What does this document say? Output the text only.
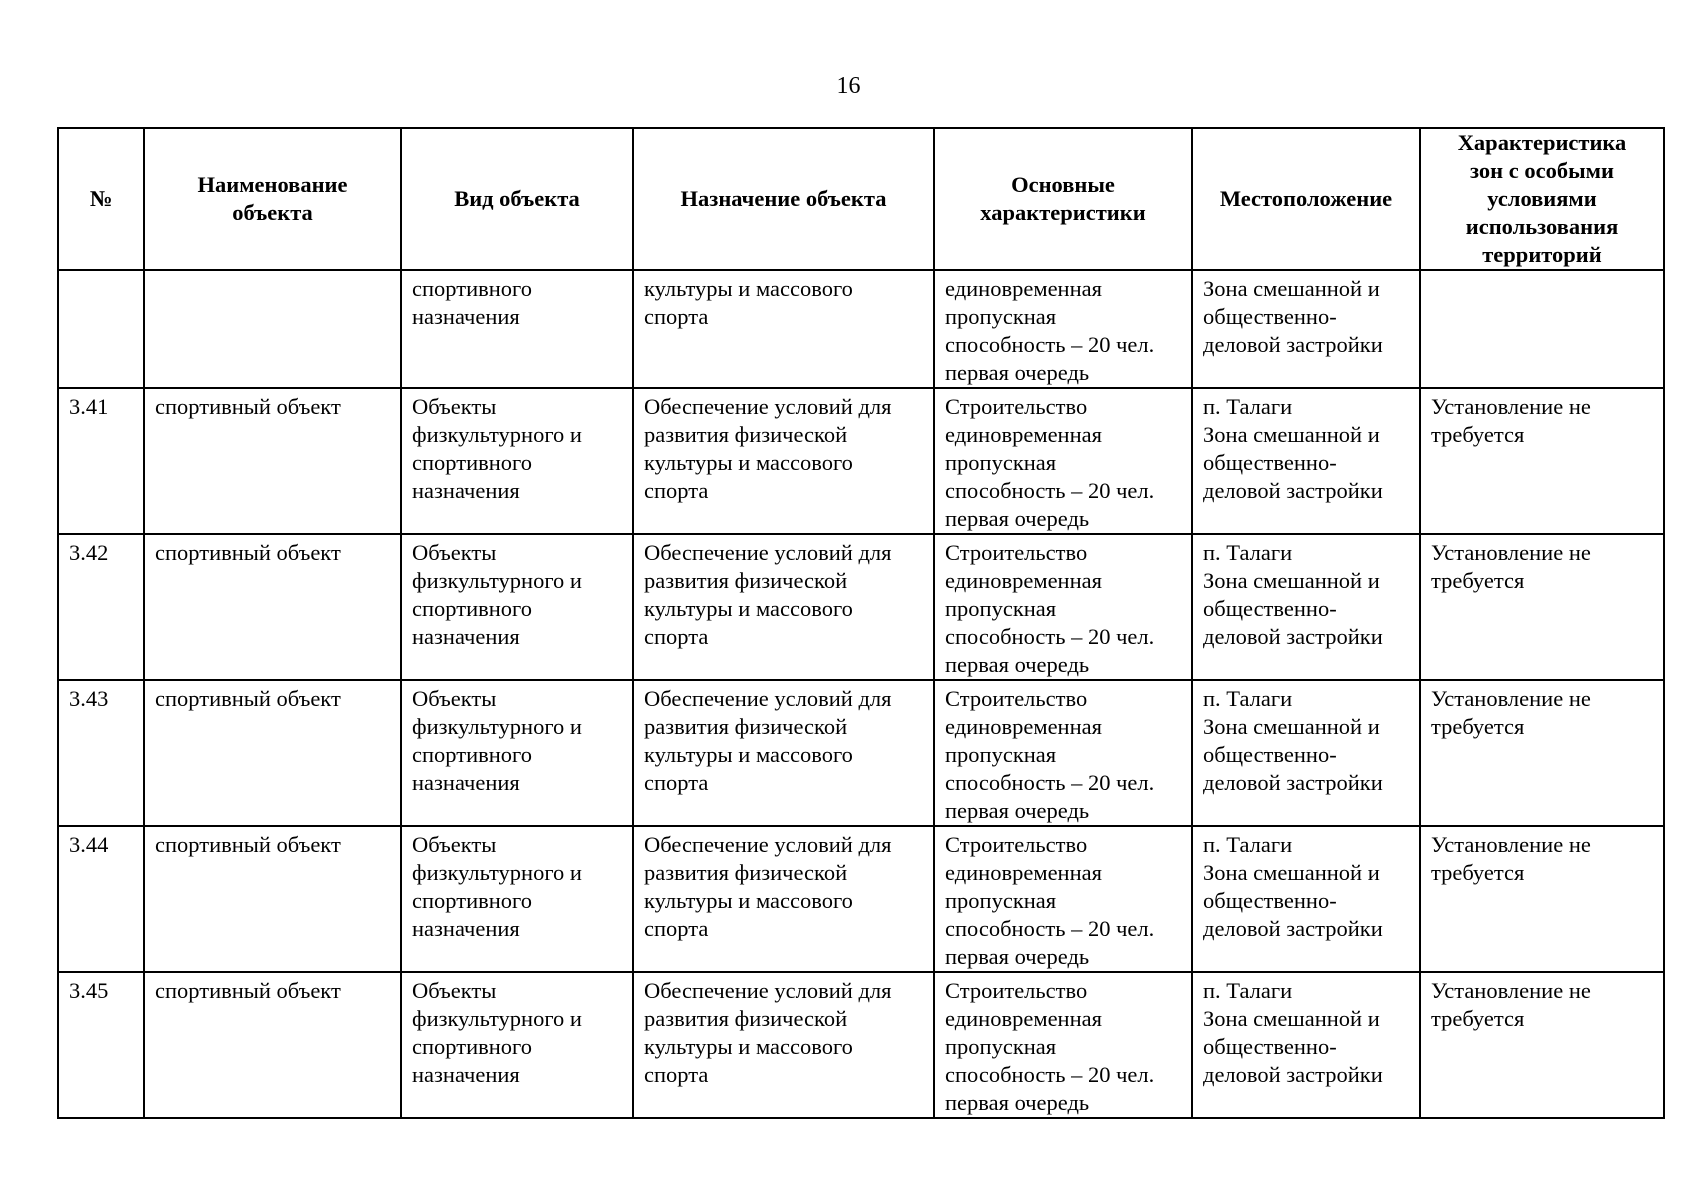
16
№	Наименование
объекта	Вид объекта	Назначение объекта	Основные
характеристики	Местоположение	Характеристика
зон с особыми
условиями
использования
территорий

		спортивного
назначения	культуры и массового
спорта	единовременная
пропускная
способность – 20 чел.
первая очередь	Зона смешанной и
общественно-
деловой застройки	

3.41	спортивный объект	Объекты
физкультурного и
спортивного
назначения	Обеспечение условий для
развития физической
культуры и массового
спорта	Строительство
единовременная
пропускная
способность – 20 чел.
первая очередь	п. Талаги
Зона смешанной и
общественно-
деловой застройки	Установление не
требуется

3.42	спортивный объект	Объекты
физкультурного и
спортивного
назначения	Обеспечение условий для
развития физической
культуры и массового
спорта	Строительство
единовременная
пропускная
способность – 20 чел.
первая очередь	п. Талаги
Зона смешанной и
общественно-
деловой застройки	Установление не
требуется

3.43	спортивный объект	Объекты
физкультурного и
спортивного
назначения	Обеспечение условий для
развития физической
культуры и массового
спорта	Строительство
единовременная
пропускная
способность – 20 чел.
первая очередь	п. Талаги
Зона смешанной и
общественно-
деловой застройки	Установление не
требуется

3.44	спортивный объект	Объекты
физкультурного и
спортивного
назначения	Обеспечение условий для
развития физической
культуры и массового
спорта	Строительство
единовременная
пропускная
способность – 20 чел.
первая очередь	п. Талаги
Зона смешанной и
общественно-
деловой застройки	Установление не
требуется

3.45	спортивный объект	Объекты
физкультурного и
спортивного
назначения	Обеспечение условий для
развития физической
культуры и массового
спорта	Строительство
единовременная
пропускная
способность – 20 чел.
первая очередь	п. Талаги
Зона смешанной и
общественно-
деловой застройки	Установление не
требуется
